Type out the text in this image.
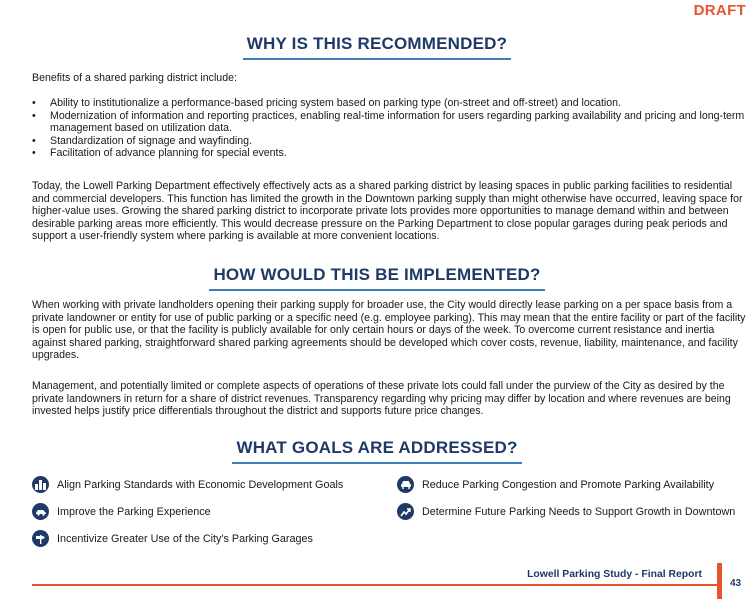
DRAFT
WHY IS THIS RECOMMENDED?

Benefits of a shared parking district include:

• Ability to institutionalize a performance-based pricing system based on parking type (on-street and off-street) and location.
• Modernization of information and reporting practices, enabling real-time information for users regarding parking availability and pricing and long-term management based on utilization data.
• Standardization of signage and wayfinding.
• Facilitation of advance planning for special events.

Today, the Lowell Parking Department effectively effectively acts as a shared parking district by leasing spaces in public parking facilities to residential and commercial developers. This function has limited the growth in the Downtown parking supply than might otherwise have occurred, leaving space for higher-value uses. Growing the shared parking district to incorporate private lots provides more opportunities to manage demand within and between desirable parking areas more efficiently. This would decrease pressure on the Parking Department to close popular garages during peak periods and support a user-friendly system where parking is available at more convenient locations.

HOW WOULD THIS BE IMPLEMENTED?

When working with private landholders opening their parking supply for broader use, the City would directly lease parking on a per space basis from a private landowner or entity for use of public parking or a specific need (e.g. employee parking). This may mean that the entire facility or part of the facility is open for public use, or that the facility is publicly available for only certain hours or days of the week. To overcome current resistance and inertia against shared parking, straightforward shared parking agreements should be developed which cover costs, revenue, liability, maintenance, and facility upgrades.

Management, and potentially limited or complete aspects of operations of these private lots could fall under the purview of the City as desired by the private landowners in return for a share of district revenues. Transparency regarding why pricing may differ by location and where revenues are being invested helps justify price differentials throughout the district and supports future price changes.

WHAT GOALS ARE ADDRESSED?
Align Parking Standards with Economic Development Goals	Reduce Parking Congestion and Promote Parking Availability
Improve the Parking Experience	Determine Future Parking Needs to Support Growth in Downtown
Incentivize Greater Use of the City's Parking Garages
Lowell Parking Study - Final Report
43
